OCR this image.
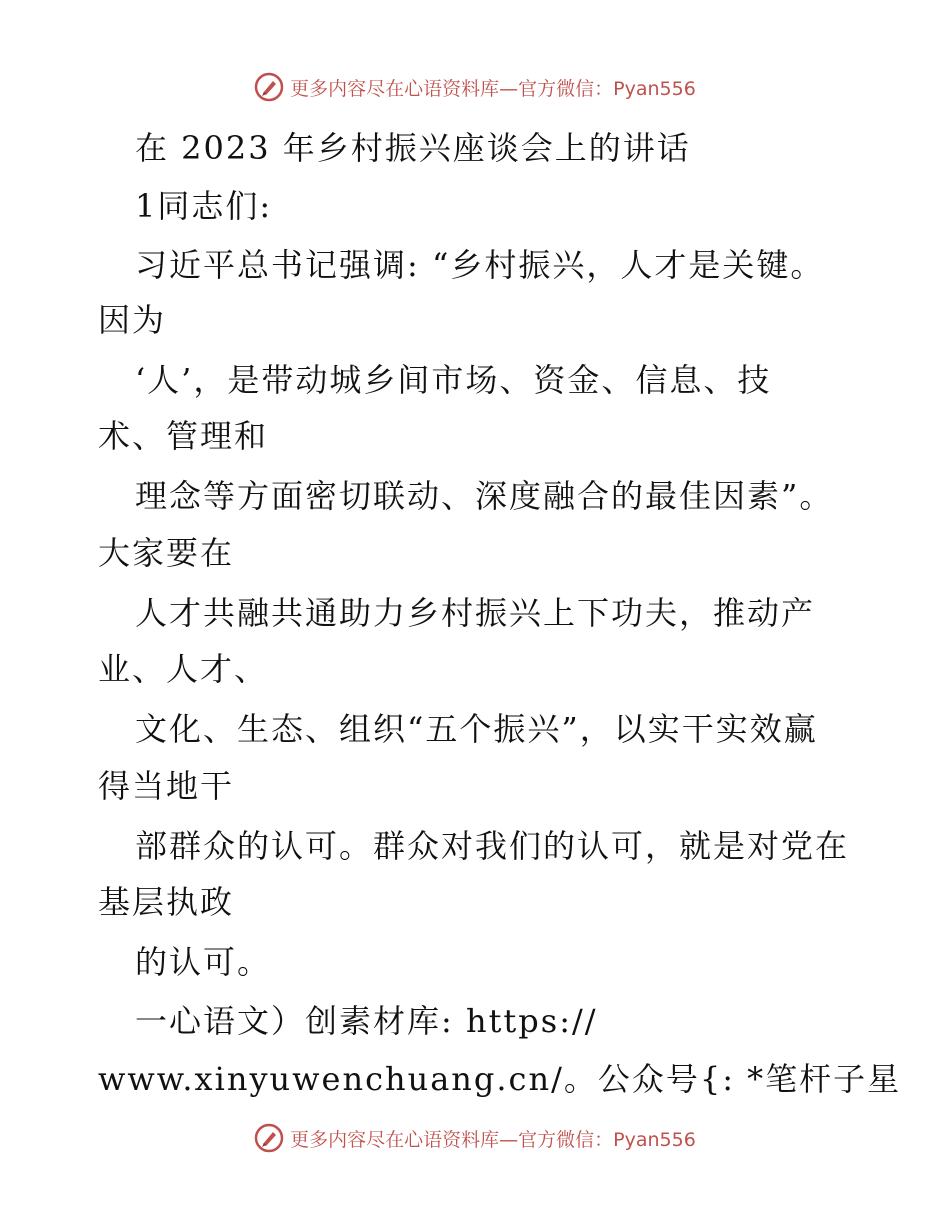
更多内容尽在心语资料库—官方微信：Pyan556
在 2023 年乡村振兴座谈会上的讲话
1同志们:
习近平总书记强调: “乡村振兴，人才是关键。
因为
‘人’，是带动城乡间市场、资金、信息、技
术、管理和
理念等方面密切联动、深度融合的最佳因素”。
大家要在
人才共融共通助力乡村振兴上下功夫，推动产
业、人才、
文化、生态、组织“五个振兴”，以实干实效赢
得当地干
部群众的认可。群众对我们的认可，就是对党在
基层执政
的认可。
一心语文）创素材库: https://
www.xinyuwenchuang.cn/。公众号{: *笔杆子星
更多内容尽在心语资料库—官方微信：Pyan556
